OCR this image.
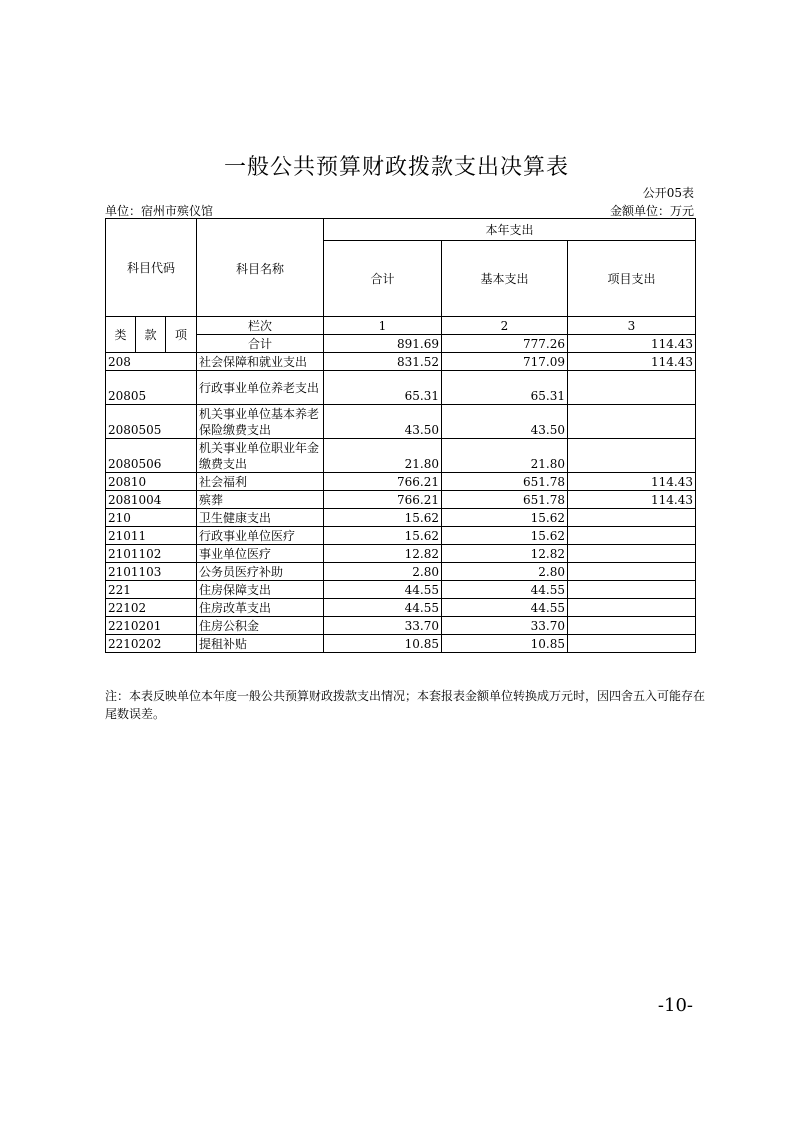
一般公共预算财政拨款支出决算表
公开05表
单位：宿州市殡仪馆	金额单位：万元
科目代码			科目名称	本年支出		
				合计	基本支出	项目支出
类	款	项	栏次	1	2	3
			合计	891.69	777.26	114.43
208			社会保障和就业支出	831.52	717.09	114.43
20805			行政事业单位养老支出	65.31	65.31	
2080505			机关事业单位基本养老保险缴费支出	43.50	43.50	
2080506			机关事业单位职业年金缴费支出	21.80	21.80	
20810			社会福利	766.21	651.78	114.43
2081004			殡葬	766.21	651.78	114.43
210			卫生健康支出	15.62	15.62	
21011			行政事业单位医疗	15.62	15.62	
2101102			事业单位医疗	12.82	12.82	
2101103			公务员医疗补助	2.80	2.80	
221			住房保障支出	44.55	44.55	
22102			住房改革支出	44.55	44.55	
2210201			住房公积金	33.70	33.70	
2210202			提租补贴	10.85	10.85	
注：本表反映单位本年度一般公共预算财政拨款支出情况；本套报表金额单位转换成万元时，因四舍五入可能存在尾数误差。
-10-
